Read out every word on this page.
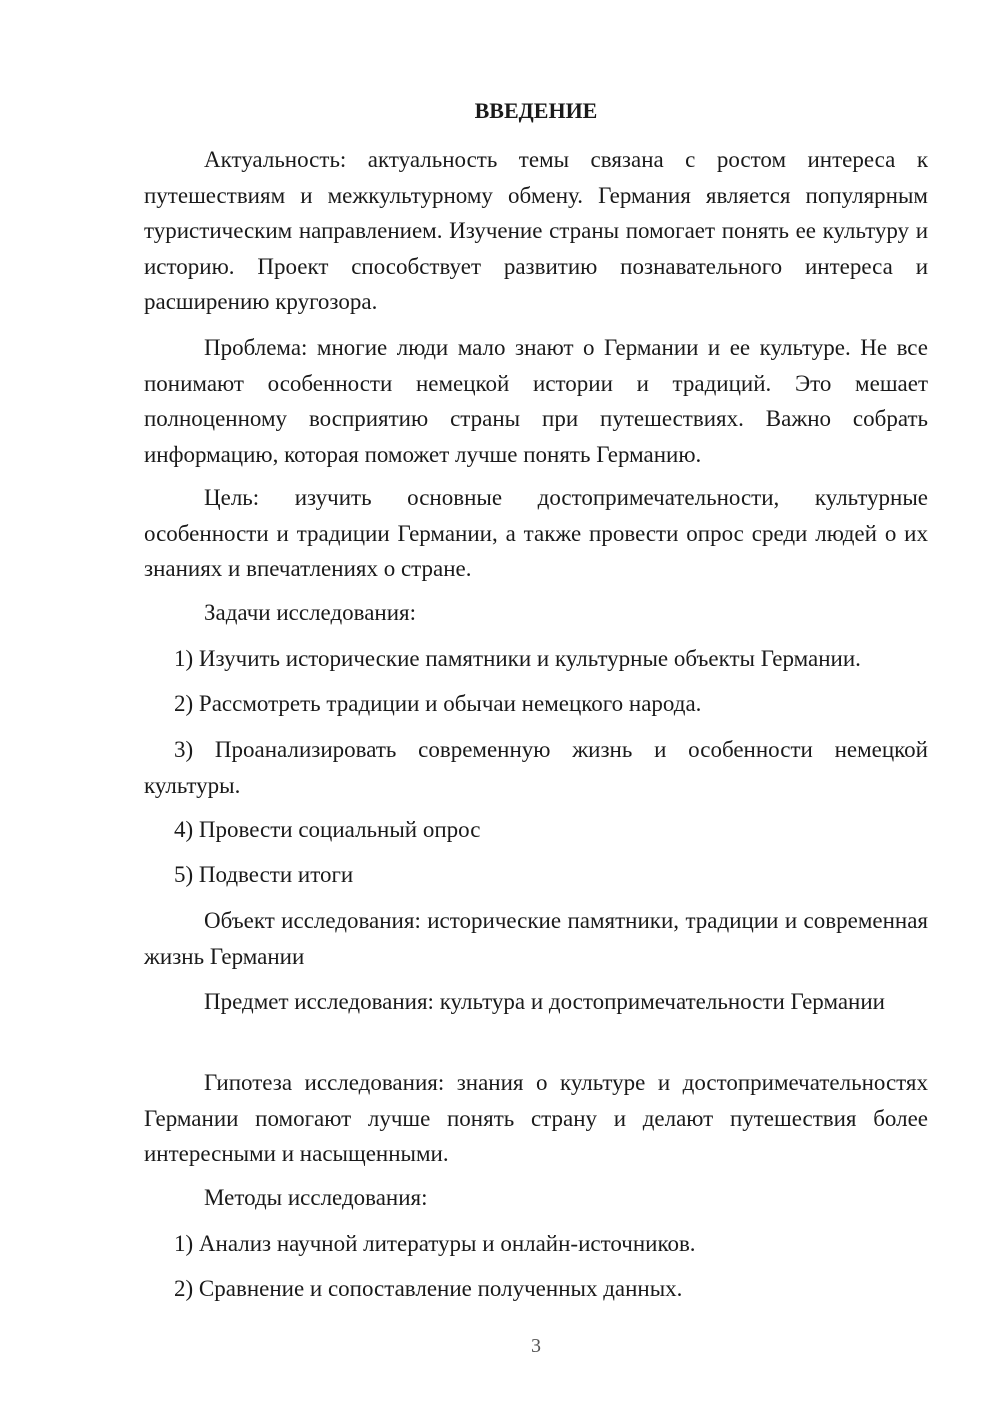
ВВЕДЕНИЕ

Актуальность: актуальность темы связана с ростом интереса к путешествиям и межкультурному обмену. Германия является популярным туристическим направлением. Изучение страны помогает понять ее культуру и историю. Проект способствует развитию познавательного интереса и расширению кругозора.

Проблема: многие люди мало знают о Германии и ее культуре. Не все понимают особенности немецкой истории и традиций. Это мешает полноценному восприятию страны при путешествиях. Важно собрать информацию, которая поможет лучше понять Германию.

Цель: изучить основные достопримечательности, культурные особенности и традиции Германии, а также провести опрос среди людей о их знаниях и впечатлениях о стране.

Задачи исследования:

1) Изучить исторические памятники и культурные объекты Германии.

2) Рассмотреть традиции и обычаи немецкого народа.

3) Проанализировать современную жизнь и особенности немецкой культуры.

4) Провести социальный опрос

5) Подвести итоги

Объект исследования: исторические памятники, традиции и современная жизнь Германии

Предмет исследования: культура и достопримечательности Германии

Гипотеза исследования: знания о культуре и достопримечательностях Германии помогают лучше понять страну и делают путешествия более интересными и насыщенными.

Методы исследования:

1) Анализ научной литературы и онлайн-источников.

2) Сравнение и сопоставление полученных данных.

3
